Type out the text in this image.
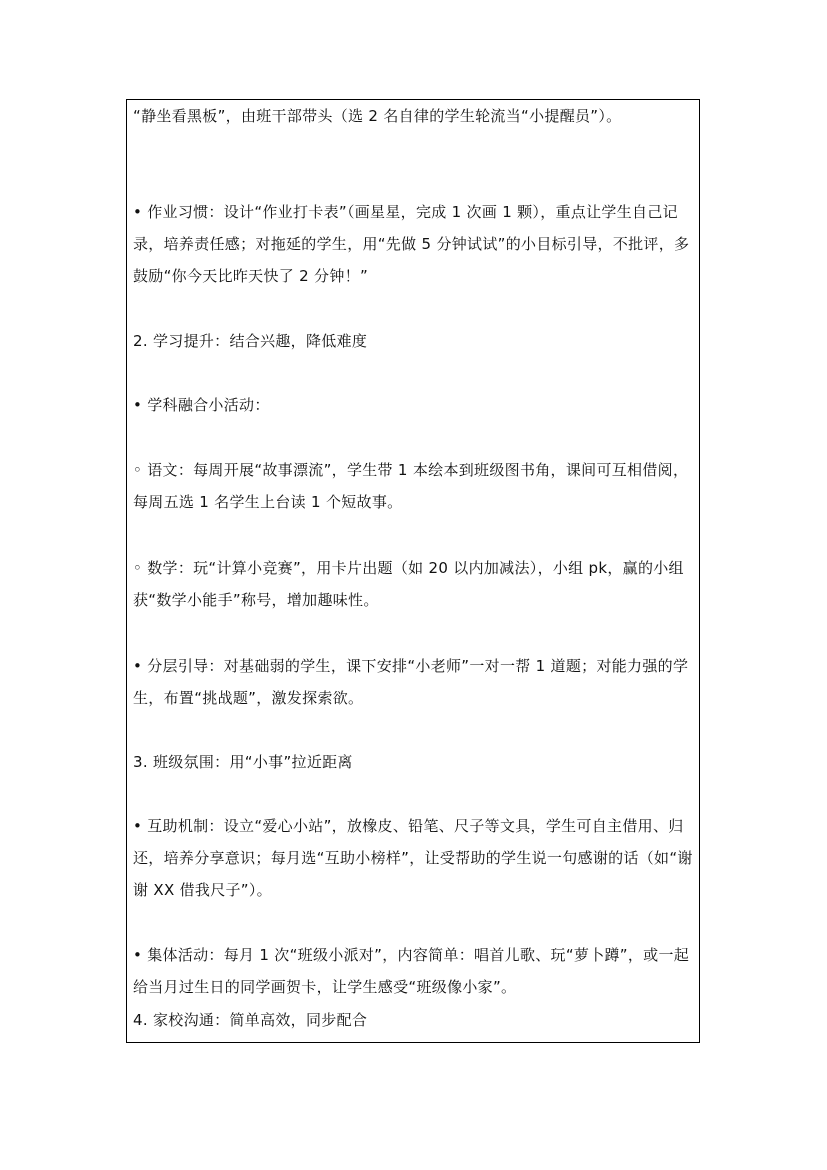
“静坐看黑板”，由班干部带头（选 2 名自律的学生轮流当“小提醒员”）。

• 作业习惯：设计“作业打卡表”（画星星，完成 1 次画 1 颗），重点让学生自己记录，培养责任感；对拖延的学生，用“先做 5 分钟试试”的小目标引导，不批评，多鼓励“你今天比昨天快了 2 分钟！”

2. 学习提升：结合兴趣，降低难度

• 学科融合小活动：

◦ 语文：每周开展“故事漂流”，学生带 1 本绘本到班级图书角，课间可互相借阅，每周五选 1 名学生上台读 1 个短故事。

◦ 数学：玩“计算小竞赛”，用卡片出题（如 20 以内加减法），小组 pk，赢的小组获“数学小能手”称号，增加趣味性。

• 分层引导：对基础弱的学生，课下安排“小老师”一对一帮 1 道题；对能力强的学生，布置“挑战题”，激发探索欲。

3. 班级氛围：用“小事”拉近距离

• 互助机制：设立“爱心小站”，放橡皮、铅笔、尺子等文具，学生可自主借用、归还，培养分享意识；每月选“互助小榜样”，让受帮助的学生说一句感谢的话（如“谢谢 XX 借我尺子”）。

• 集体活动：每月 1 次“班级小派对”，内容简单：唱首儿歌、玩“萝卜蹲”，或一起给当月过生日的同学画贺卡，让学生感受“班级像小家”。

4. 家校沟通：简单高效，同步配合
